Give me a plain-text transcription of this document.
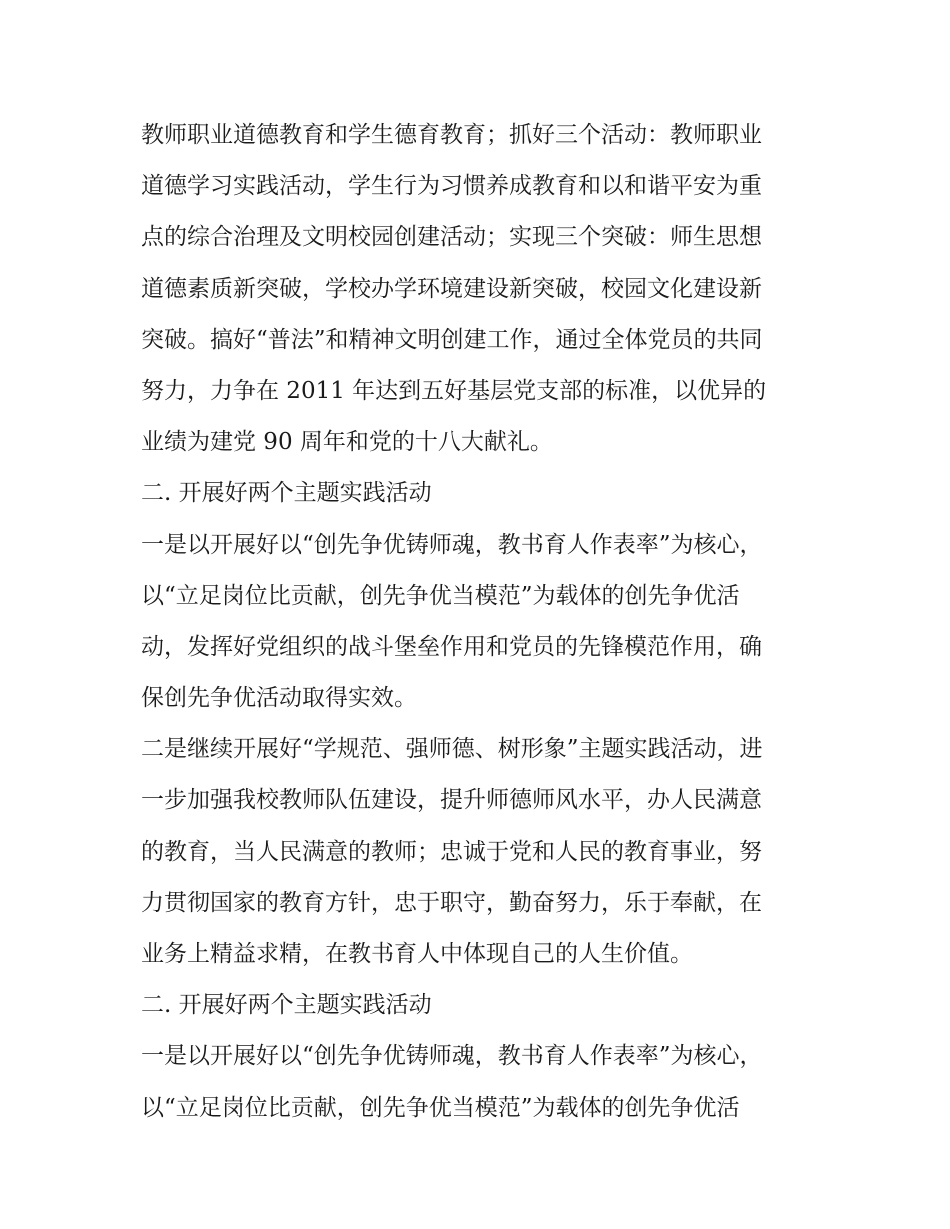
教师职业道德教育和学生德育教育；抓好三个活动：教师职业
道德学习实践活动，学生行为习惯养成教育和以和谐平安为重
点的综合治理及文明校园创建活动；实现三个突破：师生思想
道德素质新突破，学校办学环境建设新突破，校园文化建设新
突破。搞好“普法”和精神文明创建工作，通过全体党员的共同
努力，力争在 2011 年达到五好基层党支部的标准，以优异的
业绩为建党 90 周年和党的十八大献礼。
二. 开展好两个主题实践活动
一是以开展好以“创先争优铸师魂，教书育人作表率”为核心，
以“立足岗位比贡献，创先争优当模范”为载体的创先争优活
动，发挥好党组织的战斗堡垒作用和党员的先锋模范作用，确
保创先争优活动取得实效。
二是继续开展好“学规范、强师德、树形象”主题实践活动，进
一步加强我校教师队伍建设，提升师德师风水平，办人民满意
的教育，当人民满意的教师；忠诚于党和人民的教育事业，努
力贯彻国家的教育方针，忠于职守，勤奋努力，乐于奉献，在
业务上精益求精，在教书育人中体现自己的人生价值。
二. 开展好两个主题实践活动
一是以开展好以“创先争优铸师魂，教书育人作表率”为核心，
以“立足岗位比贡献，创先争优当模范”为载体的创先争优活
